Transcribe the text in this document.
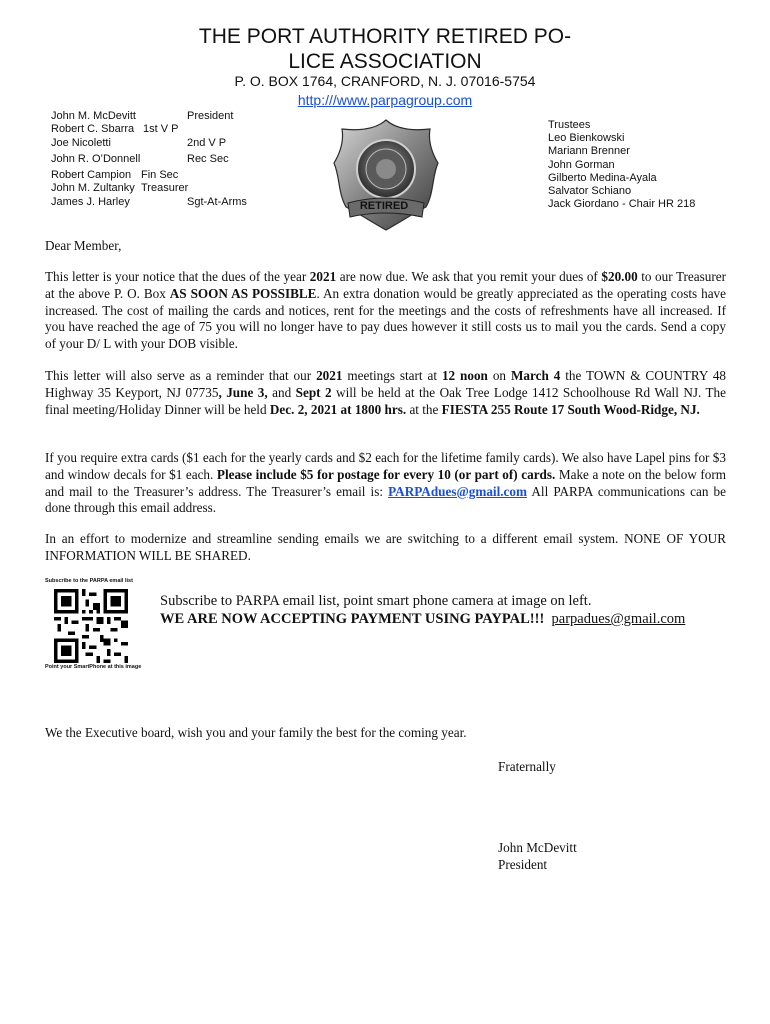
THE PORT AUTHORITY RETIRED PO-
LICE ASSOCIATION
P. O. BOX 1764, CRANFORD, N. J. 07016-5754
http:///www.parpagroup.com
John M. McDevitt	President
Robert C. Sbarra 1st V P
Joe Nicoletti	2nd V P
John R. O’Donnell	Rec Sec
Robert Campion Fin Sec
John M. Zultanky Treasurer
James J. Harley	Sgt-At-Arms	RETIRED
Trustees
Leo Bienkowski
Mariann Brenner
John Gorman
Gilberto Medina-Ayala
Salvator Schiano
Jack Giordano - Chair HR 218
Dear Member,
This letter is your notice that the dues of the year 2021 are now due. We ask that you remit your dues of $20.00 to our Treasurer at the above P. O. Box AS SOON AS POSSIBLE. An extra donation would be greatly appreciated as the operating costs have increased. The cost of mailing the cards and notices, rent for the meetings and the costs of refreshments have all increased. If you have reached the age of 75 you will no longer have to pay dues however it still costs us to mail you the cards. Send a copy of your D/ L with your DOB visible.
This letter will also serve as a reminder that our 2021 meetings start at 12 noon on March 4 the TOWN & COUNTRY 48 Highway 35 Keyport, NJ 07735, June 3, and Sept 2 will be held at the Oak Tree Lodge 1412 Schoolhouse Rd Wall NJ. The final meeting/Holiday Dinner will be held Dec. 2, 2021 at 1800 hrs. at the FIESTA 255 Route 17 South Wood-Ridge, NJ.
If you require extra cards ($1 each for the yearly cards and $2 each for the lifetime family cards). We also have Lapel pins for $3 and window decals for $1 each. Please include $5 for postage for every 10 (or part of) cards. Make a note on the below form and mail to the Treasurer’s address. The Treasurer’s email is: PARPAdues@gmail.com All PARPA communications can be done through this email address.
In an effort to modernize and streamline sending emails we are switching to a different email system. NONE OF YOUR INFORMATION WILL BE SHARED.
Subscribe to the PARPA email list
Point your SmartPhone at this image
Subscribe to PARPA email list, point smart phone camera at image on left.
WE ARE NOW ACCEPTING PAYMENT USING PAYPAL!!! parpadues@gmail.com
We the Executive board, wish you and your family the best for the coming year.
Fraternally
John McDevitt
President
